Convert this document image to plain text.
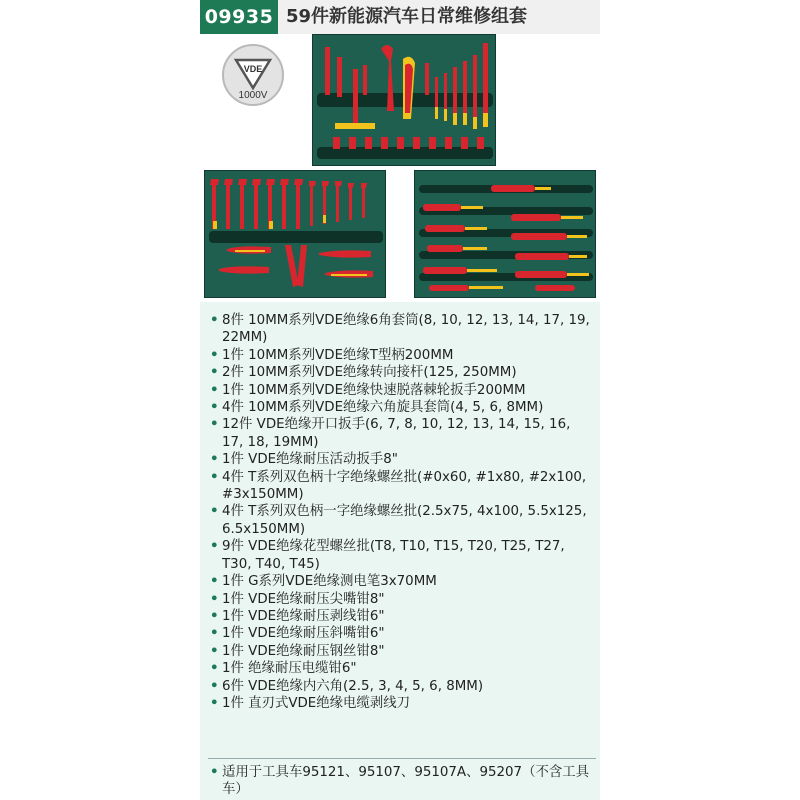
09935 59件新能源汽车日常维修组套
VDE
1000V
• 8件 10MM系列VDE绝缘6角套筒(8, 10, 12, 13, 14, 17, 19, 22MM)
• 1件 10MM系列VDE绝缘T型柄200MM
• 2件 10MM系列VDE绝缘转向接杆(125, 250MM)
• 1件 10MM系列VDE绝缘快速脱落棘轮扳手200MM
• 4件 10MM系列VDE绝缘六角旋具套筒(4, 5, 6, 8MM)
• 12件 VDE绝缘开口扳手(6, 7, 8, 10, 12, 13, 14, 15, 16, 17, 18, 19MM)
• 1件 VDE绝缘耐压活动扳手8"
• 4件 T系列双色柄十字绝缘螺丝批(#0x60, #1x80, #2x100, #3x150MM)
• 4件 T系列双色柄一字绝缘螺丝批(2.5x75, 4x100, 5.5x125, 6.5x150MM)
• 9件 VDE绝缘花型螺丝批(T8, T10, T15, T20, T25, T27, T30, T40, T45)
• 1件 G系列VDE绝缘测电笔3x70MM
• 1件 VDE绝缘耐压尖嘴钳8"
• 1件 VDE绝缘耐压剥线钳6"
• 1件 VDE绝缘耐压斜嘴钳6"
• 1件 VDE绝缘耐压钢丝钳8"
• 1件 绝缘耐压电缆钳6"
• 6件 VDE绝缘内六角(2.5, 3, 4, 5, 6, 8MM)
• 1件 直刃式VDE绝缘电缆剥线刀
• 适用于工具车95121、95107、95107A、95207（不含工具车）
